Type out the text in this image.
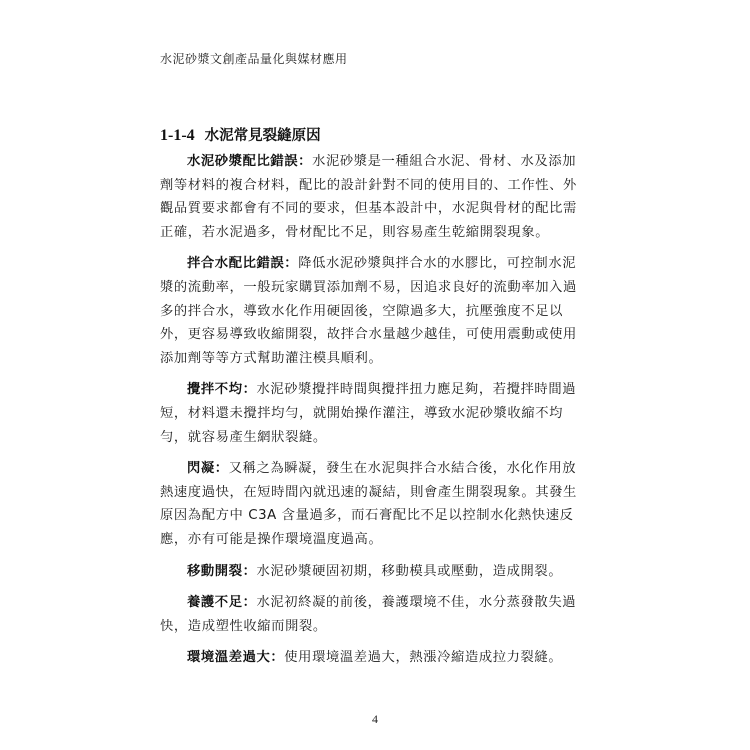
水泥砂漿文創產品量化與媒材應用
1-1-4 水泥常見裂縫原因

水泥砂漿配比錯誤：水泥砂漿是一種組合水泥、骨材、水及添加劑等材料的複合材料，配比的設計針對不同的使用目的、工作性、外觀品質要求都會有不同的要求，但基本設計中，水泥與骨材的配比需正確，若水泥過多，骨材配比不足，則容易產生乾縮開裂現象。

拌合水配比錯誤：降低水泥砂漿與拌合水的水膠比，可控制水泥漿的流動率，一般玩家購買添加劑不易，因追求良好的流動率加入過多的拌合水，導致水化作用硬固後，空隙過多大，抗壓強度不足以外，更容易導致收縮開裂，故拌合水量越少越佳，可使用震動或使用添加劑等等方式幫助灌注模具順利。

攪拌不均：水泥砂漿攪拌時間與攪拌扭力應足夠，若攪拌時間過短，材料還未攪拌均勻，就開始操作灌注，導致水泥砂漿收縮不均勻，就容易產生網狀裂縫。

閃凝：又稱之為瞬凝，發生在水泥與拌合水結合後，水化作用放熱速度過快，在短時間內就迅速的凝結，則會產生開裂現象。其發生原因為配方中 C3A 含量過多，而石膏配比不足以控制水化熱快速反應，亦有可能是操作環境溫度過高。

移動開裂：水泥砂漿硬固初期，移動模具或壓動，造成開裂。

養護不足：水泥初終凝的前後，養護環境不佳，水分蒸發散失過快，造成塑性收縮而開裂。

環境溫差過大：使用環境溫差過大，熱漲冷縮造成拉力裂縫。

4
